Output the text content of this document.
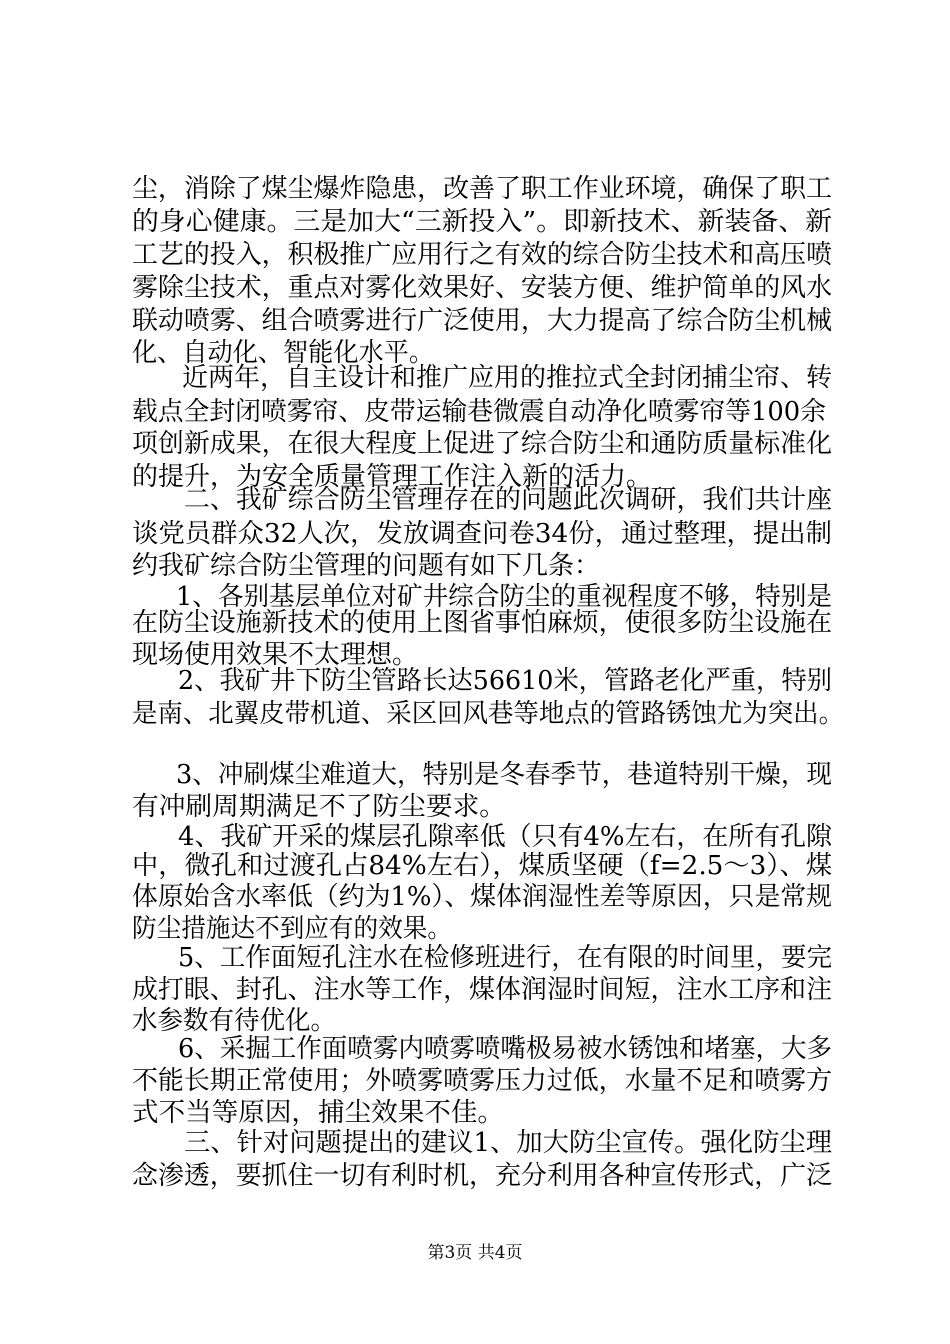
尘，消除了煤尘爆炸隐患，改善了职工作业环境，确保了职工
的身心健康。三是加大“三新投入”。即新技术、新装备、新
工艺的投入，积极推广应用行之有效的综合防尘技术和高压喷
雾除尘技术，重点对雾化效果好、安装方便、维护简单的风水
联动喷雾、组合喷雾进行广泛使用，大力提高了综合防尘机械
化、自动化、智能化水平。
近两年，自主设计和推广应用的推拉式全封闭捕尘帘、转
载点全封闭喷雾帘、皮带运输巷微震自动净化喷雾帘等100余
项创新成果，在很大程度上促进了综合防尘和通防质量标准化
的提升，为安全质量管理工作注入新的活力。
二、我矿综合防尘管理存在的问题此次调研，我们共计座
谈党员群众32人次，发放调查问卷34份，通过整理，提出制
约我矿综合防尘管理的问题有如下几条：
1、各别基层单位对矿井综合防尘的重视程度不够，特别是
在防尘设施新技术的使用上图省事怕麻烦，使很多防尘设施在
现场使用效果不太理想。
2、我矿井下防尘管路长达56610米，管路老化严重，特别
是南、北翼皮带机道、采区回风巷等地点的管路锈蚀尤为突出。
3、冲刷煤尘难道大，特别是冬春季节，巷道特别干燥，现
有冲刷周期满足不了防尘要求。
4、我矿开采的煤层孔隙率低（只有4%左右，在所有孔隙
中，微孔和过渡孔占84%左右），煤质坚硬（f=2.5～3）、煤
体原始含水率低（约为1%）、煤体润湿性差等原因，只是常规
防尘措施达不到应有的效果。
5、工作面短孔注水在检修班进行，在有限的时间里，要完
成打眼、封孔、注水等工作，煤体润湿时间短，注水工序和注
水参数有待优化。
6、采掘工作面喷雾内喷雾喷嘴极易被水锈蚀和堵塞，大多
不能长期正常使用；外喷雾喷雾压力过低，水量不足和喷雾方
式不当等原因，捕尘效果不佳。
三、针对问题提出的建议1、加大防尘宣传。强化防尘理
念渗透，要抓住一切有利时机，充分利用各种宣传形式，广泛
第3页 共4页
